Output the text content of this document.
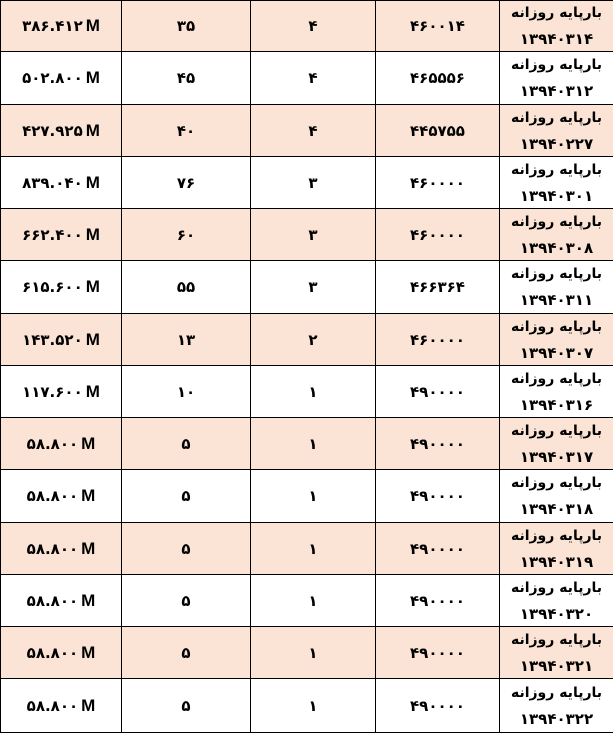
۳۸۶.۴۱۲ M	۳۵	۴	۴۶۰۰۱۴	بارپایه روزانه
۱۳۹۴۰۳۱۴

۵۰۲.۸۰۰ M	۴۵	۴	۴۶۵۵۵۶	بارپایه روزانه
۱۳۹۴۰۳۱۲

۴۲۷.۹۲۵ M	۴۰	۴	۴۴۵۷۵۵	بارپایه روزانه
۱۳۹۴۰۲۲۷

۸۳۹.۰۴۰ M	۷۶	۳	۴۶۰۰۰۰	بارپایه روزانه
۱۳۹۴۰۳۰۱

۶۶۲.۴۰۰ M	۶۰	۳	۴۶۰۰۰۰	بارپایه روزانه
۱۳۹۴۰۳۰۸

۶۱۵.۶۰۰ M	۵۵	۳	۴۶۶۳۶۴	بارپایه روزانه
۱۳۹۴۰۳۱۱

۱۴۳.۵۲۰ M	۱۳	۲	۴۶۰۰۰۰	بارپایه روزانه
۱۳۹۴۰۳۰۷

۱۱۷.۶۰۰ M	۱۰	۱	۴۹۰۰۰۰	بارپایه روزانه
۱۳۹۴۰۳۱۶

۵۸.۸۰۰ M	۵	۱	۴۹۰۰۰۰	بارپایه روزانه
۱۳۹۴۰۳۱۷

۵۸.۸۰۰ M	۵	۱	۴۹۰۰۰۰	بارپایه روزانه
۱۳۹۴۰۳۱۸

۵۸.۸۰۰ M	۵	۱	۴۹۰۰۰۰	بارپایه روزانه
۱۳۹۴۰۳۱۹

۵۸.۸۰۰ M	۵	۱	۴۹۰۰۰۰	بارپایه روزانه
۱۳۹۴۰۳۲۰

۵۸.۸۰۰ M	۵	۱	۴۹۰۰۰۰	بارپایه روزانه
۱۳۹۴۰۳۲۱

۵۸.۸۰۰ M	۵	۱	۴۹۰۰۰۰	بارپایه روزانه
۱۳۹۴۰۳۲۲
